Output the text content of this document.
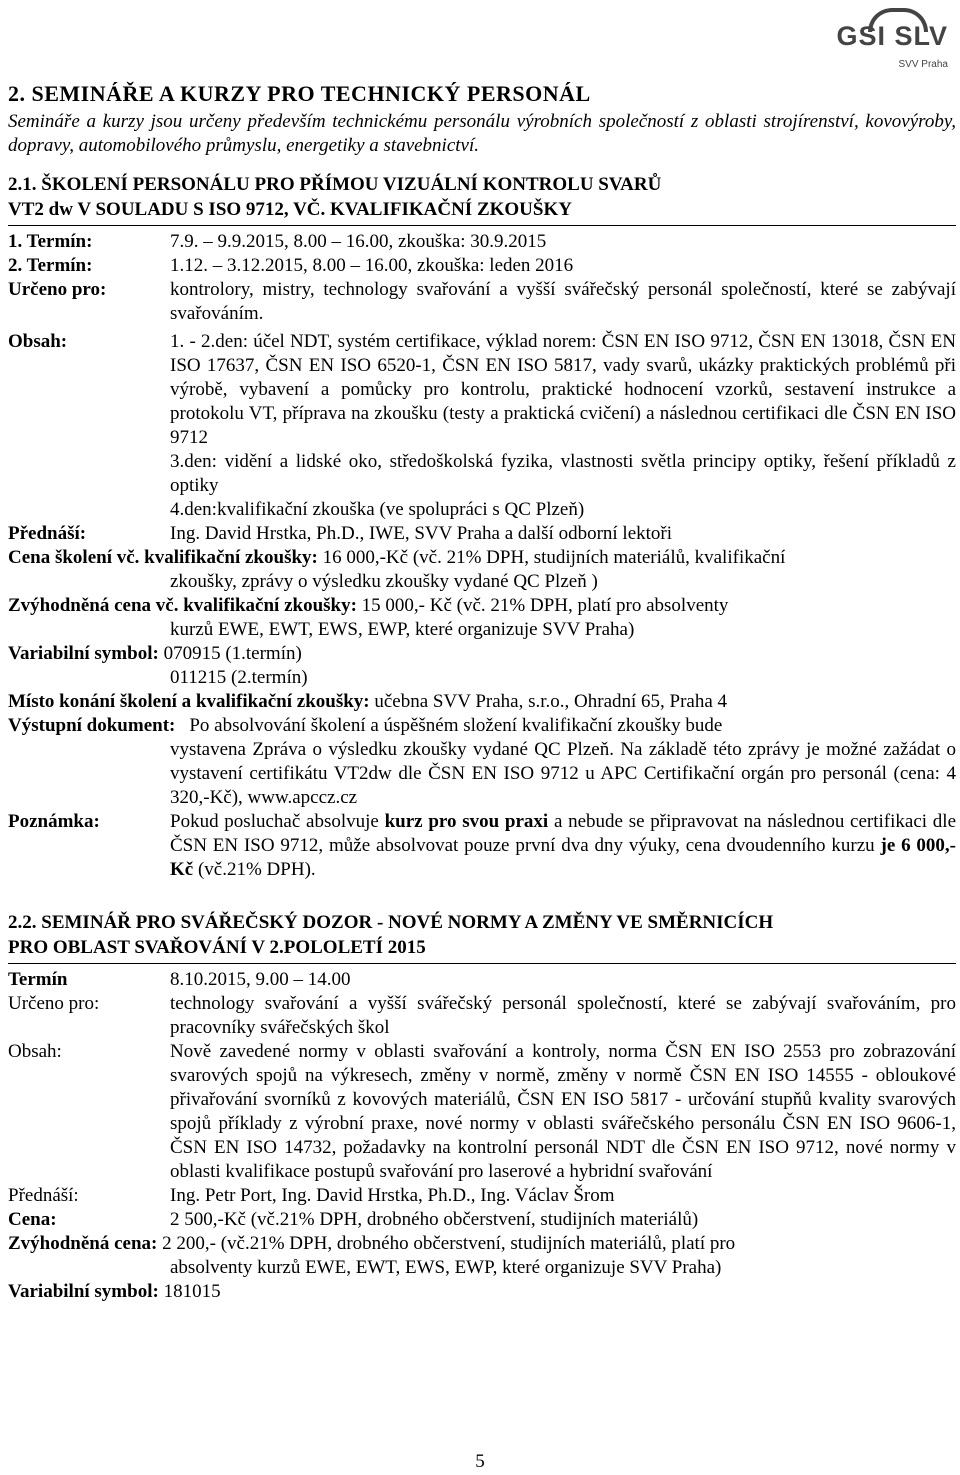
GSI SLV
SVV Praha
2. SEMINÁŘE A KURZY PRO TECHNICKÝ PERSONÁL
Semináře a kurzy jsou určeny především technickému personálu výrobních společností z oblasti strojírenství, kovovýroby, dopravy, automobilového průmyslu, energetiky a stavebnictví.
2.1. ŠKOLENÍ PERSONÁLU PRO PŘÍMOU VIZUÁLNÍ KONTROLU SVARŮ
VT2 dw V SOULADU S ISO 9712, VČ. KVALIFIKAČNÍ ZKOUŠKY
1. Termín:	7.9. – 9.9.2015, 8.00 – 16.00, zkouška: 30.9.2015
2. Termín:	1.12. – 3.12.2015, 8.00 – 16.00, zkouška: leden 2016
Určeno pro:	kontrolory, mistry, technology svařování a vyšší svářečský personál společností, které se zabývají svařováním.
Obsah:	1. - 2.den: účel NDT, systém certifikace, výklad norem: ČSN EN ISO 9712, ČSN EN 13018, ČSN EN ISO 17637, ČSN EN ISO 6520-1, ČSN EN ISO 5817, vady svarů, ukázky praktických problémů při výrobě, vybavení a pomůcky pro kontrolu, praktické hodnocení vzorků, sestavení instrukce a protokolu VT, příprava na zkoušku (testy a praktická cvičení) a následnou certifikaci dle ČSN EN ISO 9712
3.den: vidění a lidské oko, středoškolská fyzika, vlastnosti světla principy optiky, řešení příkladů z optiky
4.den:kvalifikační zkouška (ve spolupráci s QC Plzeň)
Přednáší:	Ing. David Hrstka, Ph.D., IWE, SVV Praha a další odborní lektoři
Cena školení vč. kvalifikační zkoušky: 16 000,-Kč (vč. 21% DPH, studijních materiálů, kvalifikační
zkoušky, zprávy o výsledku zkoušky vydané QC Plzeň )
Zvýhodněná cena vč. kvalifikační zkoušky: 15 000,- Kč (vč. 21% DPH, platí pro absolventy
kurzů EWE, EWT, EWS, EWP, které organizuje SVV Praha)
Variabilní symbol: 070915 (1.termín)
011215 (2.termín)
Místo konání školení a kvalifikační zkoušky: učebna SVV Praha, s.r.o., Ohradní 65, Praha 4
Výstupní dokument: Po absolvování školení a úspěšném složení kvalifikační zkoušky bude
vystavena Zpráva o výsledku zkoušky vydané QC Plzeň. Na základě této zprávy je možné zažádat o vystavení certifikátu VT2dw dle ČSN EN ISO 9712 u APC Certifikační orgán pro personál (cena: 4 320,-Kč), www.apccz.cz
Poznámka:	Pokud posluchač absolvuje kurz pro svou praxi a nebude se připravovat na následnou certifikaci dle ČSN EN ISO 9712, může absolvovat pouze první dva dny výuky, cena dvoudenního kurzu je 6 000,-Kč (vč.21% DPH).
2.2. SEMINÁŘ PRO SVÁŘEČSKÝ DOZOR - NOVÉ NORMY A ZMĚNY VE SMĚRNICÍCH
PRO OBLAST SVAŘOVÁNÍ V 2.POLOLETÍ 2015
Termín	8.10.2015, 9.00 – 14.00
Určeno pro:	technology svařování a vyšší svářečský personál společností, které se zabývají svařováním, pro pracovníky svářečských škol
Obsah:	Nově zavedené normy v oblasti svařování a kontroly, norma ČSN EN ISO 2553 pro zobrazování svarových spojů na výkresech, změny v normě, změny v normě ČSN EN ISO 14555 - obloukové přivařování svorníků z kovových materiálů, ČSN EN ISO 5817 - určování stupňů kvality svarových spojů příklady z výrobní praxe, nové normy v oblasti svářečského personálu ČSN EN ISO 9606-1, ČSN EN ISO 14732, požadavky na kontrolní personál NDT dle ČSN EN ISO 9712, nové normy v oblasti kvalifikace postupů svařování pro laserové a hybridní svařování
Přednáší:	Ing. Petr Port, Ing. David Hrstka, Ph.D., Ing. Václav Šrom
Cena:	2 500,-Kč (vč.21% DPH, drobného občerstvení, studijních materiálů)
Zvýhodněná cena: 2 200,- (vč.21% DPH, drobného občerstvení, studijních materiálů, platí pro
absolventy kurzů EWE, EWT, EWS, EWP, které organizuje SVV Praha)
Variabilní symbol: 181015
5
